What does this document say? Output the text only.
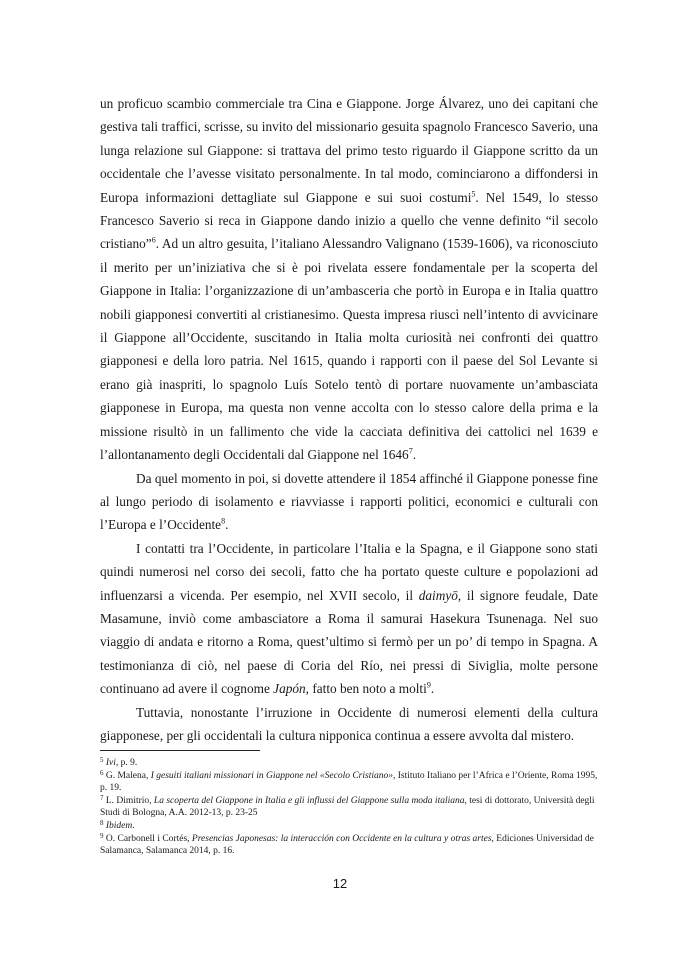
un proficuo scambio commerciale tra Cina e Giappone. Jorge Álvarez, uno dei capitani che gestiva tali traffici, scrisse, su invito del missionario gesuita spagnolo Francesco Saverio, una lunga relazione sul Giappone: si trattava del primo testo riguardo il Giappone scritto da un occidentale che l’avesse visitato personalmente. In tal modo, cominciarono a diffondersi in Europa informazioni dettagliate sul Giappone e sui suoi costumi$^5$. Nel 1549, lo stesso Francesco Saverio si reca in Giappone dando inizio a quello che venne definito “il secolo cristiano”$^6$. Ad un altro gesuita, l’italiano Alessandro Valignano (1539-1606), va riconosciuto il merito per un’iniziativa che si è poi rivelata essere fondamentale per la scoperta del Giappone in Italia: l’organizzazione di un’ambasceria che portò in Europa e in Italia quattro nobili giapponesi convertiti al cristianesimo. Questa impresa riuscì nell’intento di avvicinare il Giappone all’Occidente, suscitando in Italia molta curiosità nei confronti dei quattro giapponesi e della loro patria. Nel 1615, quando i rapporti con il paese del Sol Levante si erano già inaspriti, lo spagnolo Luís Sotelo tentò di portare nuovamente un’ambasciata giapponese in Europa, ma questa non venne accolta con lo stesso calore della prima e la missione risultò in un fallimento che vide la cacciata definitiva dei cattolici nel 1639 e l’allontanamento degli Occidentali dal Giappone nel 1646$^7$.

Da quel momento in poi, si dovette attendere il 1854 affinché il Giappone ponesse fine al lungo periodo di isolamento e riavviasse i rapporti politici, economici e culturali con l’Europa e l’Occidente$^8$.

I contatti tra l’Occidente, in particolare l’Italia e la Spagna, e il Giappone sono stati quindi numerosi nel corso dei secoli, fatto che ha portato queste culture e popolazioni ad influenzarsi a vicenda. Per esempio, nel XVII secolo, il daimyō, il signore feudale, Date Masamune, inviò come ambasciatore a Roma il samurai Hasekura Tsunenaga. Nel suo viaggio di andata e ritorno a Roma, quest’ultimo si fermò per un po’ di tempo in Spagna. A testimonianza di ciò, nel paese di Coria del Río, nei pressi di Siviglia, molte persone continuano ad avere il cognome Japón, fatto ben noto a molti$^9$.

Tuttavia, nonostante l’irruzione in Occidente di numerosi elementi della cultura giapponese, per gli occidentali la cultura nipponica continua a essere avvolta dal mistero.

$^5$ Ivi, p. 9.

$^6$ G. Malena, I gesuiti italiani missionari in Giappone nel «Secolo Cristiano», Istituto Italiano per l’Africa e l’Oriente, Roma 1995, p. 19.

$^7$ L. Dimitrio, La scoperta del Giappone in Italia e gli influssi del Giappone sulla moda italiana, tesi di dottorato, Università degli Studi di Bologna, A.A. 2012-13, p. 23-25

$^8$ Ibidem.

$^9$ O. Carbonell i Cortés, Presencias Japonesas: la interacción con Occidente en la cultura y otras artes, Ediciones Universidad de Salamanca, Salamanca 2014, p. 16.

12
